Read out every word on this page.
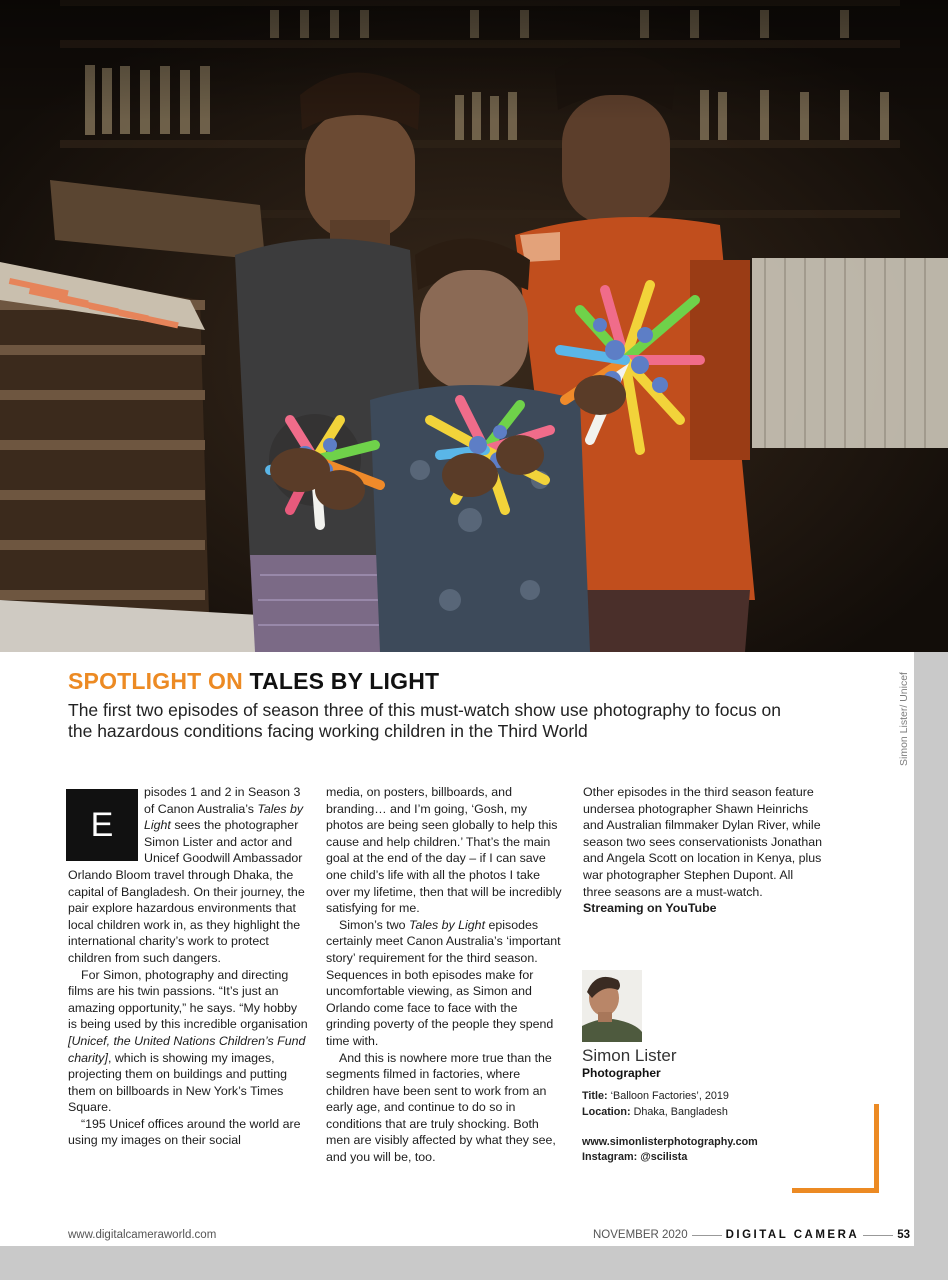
Simon Lister/ Unicef
SPOTLIGHT ON TALES BY LIGHT
The first two episodes of season three of this must-watch show use photography to focus on the hazardous conditions facing working children in the Third World
E

pisodes 1 and 2 in Season 3 of Canon Australia’s Tales by Light sees the photographer Simon Lister and actor and Unicef Goodwill Ambassador Orlando Bloom travel through Dhaka, the capital of Bangladesh. On their journey, the pair explore hazardous environments that local children work in, as they highlight the international charity’s work to protect children from such dangers.

For Simon, photography and directing films are his twin passions. “It’s just an amazing opportunity,” he says. “My hobby is being used by this incredible organisation [Unicef, the United Nations Children’s Fund charity], which is showing my images, projecting them on buildings and putting them on billboards in New York’s Times Square.

“195 Unicef offices around the world are using my images on their social

media, on posters, billboards, and branding… and I’m going, ‘Gosh, my photos are being seen globally to help this cause and help children.’ That’s the main goal at the end of the day – if I can save one child’s life with all the photos I take over my lifetime, then that will be incredibly satisfying for me.

Simon’s two Tales by Light episodes certainly meet Canon Australia’s ‘important story’ requirement for the third season. Sequences in both episodes make for uncomfortable viewing, as Simon and Orlando come face to face with the grinding poverty of the people they spend time with.

And this is nowhere more true than the segments filmed in factories, where children have been sent to work from an early age, and continue to do so in conditions that are truly shocking. Both men are visibly affected by what they see, and you will be, too.

Other episodes in the third season feature undersea photographer Shawn Heinrichs and Australian filmmaker Dylan River, while season two sees conservationists Jonathan and Angela Scott on location in Kenya, plus war photographer Stephen Dupont. All three seasons are a must-watch.

Streaming on YouTube

Simon Lister
Photographer
Title: ‘Balloon Factories’, 2019
Location: Dhaka, Bangladesh
www.simonlisterphotography.com
Instagram: @scilista
www.digitalcameraworld.com	NOVEMBER 2020	DIGITAL CAMERA	53
